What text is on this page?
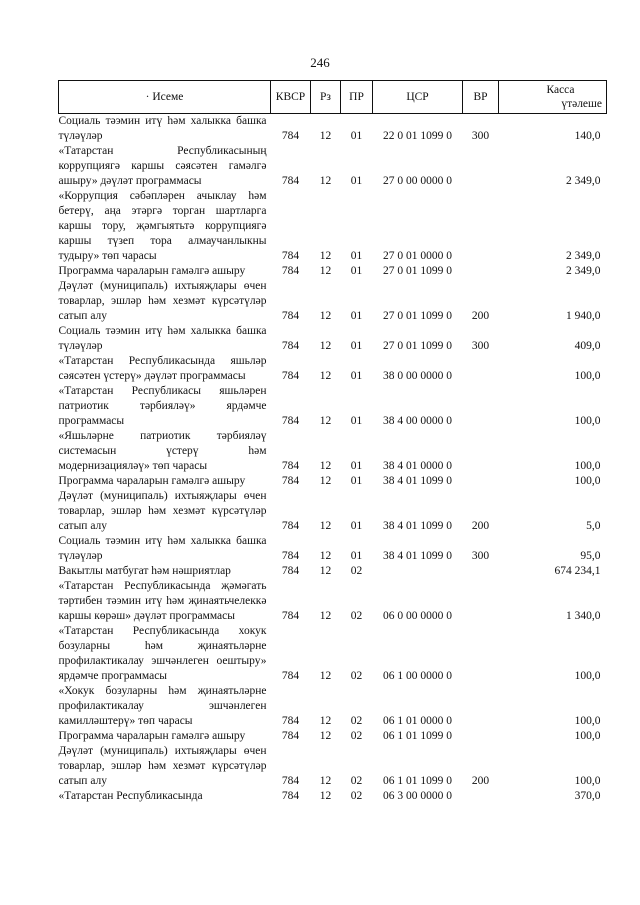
246
· Исеме	КВСР	Рз	ПР	ЦСР	ВР	Касса
үтәлеше

Социаль тәэмин итү һәм халыкка башка түләүләр	784	12	01	22 0 01 1099 0	300	140,0
«Татарстан Республикасының коррупциягә каршы сәясәтен гамәлгә ашыру» дәүләт программасы	784	12	01	27 0 00 0000 0		2 349,0
«Коррупция сәбәпләрен ачыклау һәм бетерү, аңа этәргә торган шартларга каршы тору, җәмгыятьтә коррупциягә каршы түзеп тора алмаучанлыкны тудыру» төп чарасы	784	12	01	27 0 01 0000 0		2 349,0
Программа чараларын гамәлгә ашыру	784	12	01	27 0 01 1099 0		2 349,0
Дәүләт (муниципаль) ихтыяҗлары өчен товарлар, эшләр һәм хезмәт күрсәтүләр сатып алу	784	12	01	27 0 01 1099 0	200	1 940,0
Социаль тәэмин итү һәм халыкка башка түләүләр	784	12	01	27 0 01 1099 0	300	409,0
«Татарстан Республикасында яшьләр сәясәтен үстерү» дәүләт программасы	784	12	01	38 0 00 0000 0		100,0
«Татарстан Республикасы яшьләрен патриотик тәрбияләү» ярдәмче программасы	784	12	01	38 4 00 0000 0		100,0
«Яшьләрне патриотик тәрбияләү системасын үстерү һәм модернизацияләү» төп чарасы	784	12	01	38 4 01 0000 0		100,0
Программа чараларын гамәлгә ашыру	784	12	01	38 4 01 1099 0		100,0
Дәүләт (муниципаль) ихтыяҗлары өчен товарлар, эшләр һәм хезмәт күрсәтүләр сатып алу	784	12	01	38 4 01 1099 0	200	5,0
Социаль тәэмин итү һәм халыкка башка түләүләр	784	12	01	38 4 01 1099 0	300	95,0
Вакытлы матбугат һәм нәшриятлар	784	12	02			674 234,1
«Татарстан Республикасында җәмәгать тәртибен тәэмин итү һәм җинаятьчелеккә каршы көрәш» дәүләт программасы	784	12	02	06 0 00 0000 0		1 340,0
«Татарстан Республикасында хокук бозуларны һәм җинаятьләрне профилактикалау эшчәнлеген оештыру» ярдәмче программасы	784	12	02	06 1 00 0000 0		100,0
«Хокук бозуларны һәм җинаятьләрне профилактикалау эшчәнлеген камилләштерү» төп чарасы	784	12	02	06 1 01 0000 0		100,0
Программа чараларын гамәлгә ашыру	784	12	02	06 1 01 1099 0		100,0
Дәүләт (муниципаль) ихтыяҗлары өчен товарлар, эшләр һәм хезмәт күрсәтүләр сатып алу	784	12	02	06 1 01 1099 0	200	100,0
«Татарстан Республикасында	784	12	02	06 3 00 0000 0		370,0
